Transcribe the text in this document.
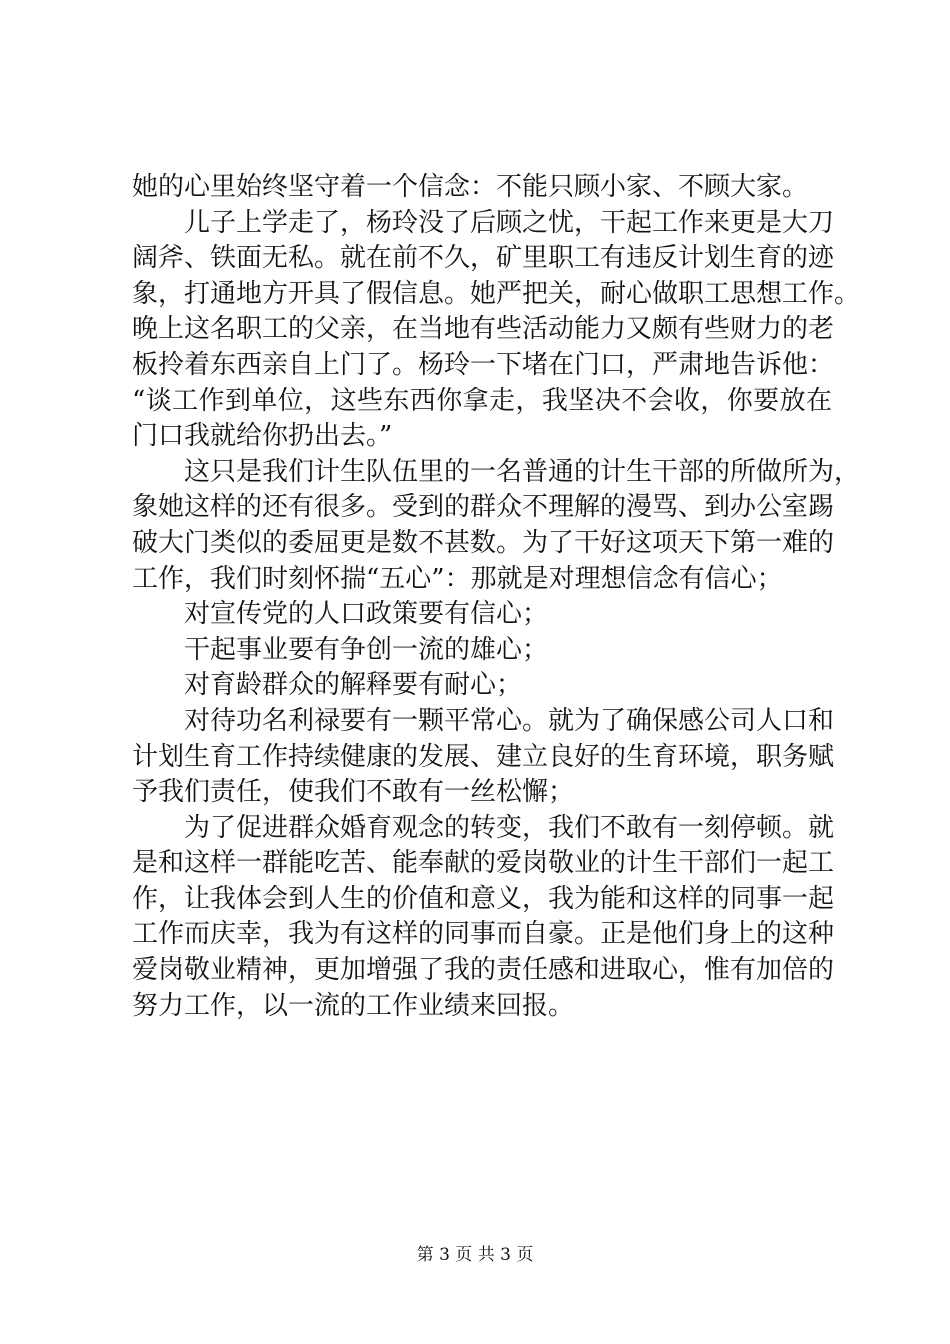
她的心里始终坚守着一个信念：不能只顾小家、不顾大家。
儿子上学走了，杨玲没了后顾之忧，干起工作来更是大刀
阔斧、铁面无私。就在前不久，矿里职工有违反计划生育的迹
象，打通地方开具了假信息。她严把关，耐心做职工思想工作。
晚上这名职工的父亲，在当地有些活动能力又颇有些财力的老
板拎着东西亲自上门了。杨玲一下堵在门口，严肃地告诉他：
“谈工作到单位，这些东西你拿走，我坚决不会收，你要放在
门口我就给你扔出去。”
这只是我们计生队伍里的一名普通的计生干部的所做所为，
象她这样的还有很多。受到的群众不理解的漫骂、到办公室踢
破大门类似的委屈更是数不甚数。为了干好这项天下第一难的
工作，我们时刻怀揣“五心”：那就是对理想信念有信心；
对宣传党的人口政策要有信心；
干起事业要有争创一流的雄心；
对育龄群众的解释要有耐心；
对待功名利禄要有一颗平常心。就为了确保感公司人口和
计划生育工作持续健康的发展、建立良好的生育环境，职务赋
予我们责任，使我们不敢有一丝松懈；
为了促进群众婚育观念的转变，我们不敢有一刻停顿。就
是和这样一群能吃苦、能奉献的爱岗敬业的计生干部们一起工
作，让我体会到人生的价值和意义，我为能和这样的同事一起
工作而庆幸，我为有这样的同事而自豪。正是他们身上的这种
爱岗敬业精神，更加增强了我的责任感和进取心，惟有加倍的
努力工作，以一流的工作业绩来回报。
第 3 页 共 3 页
